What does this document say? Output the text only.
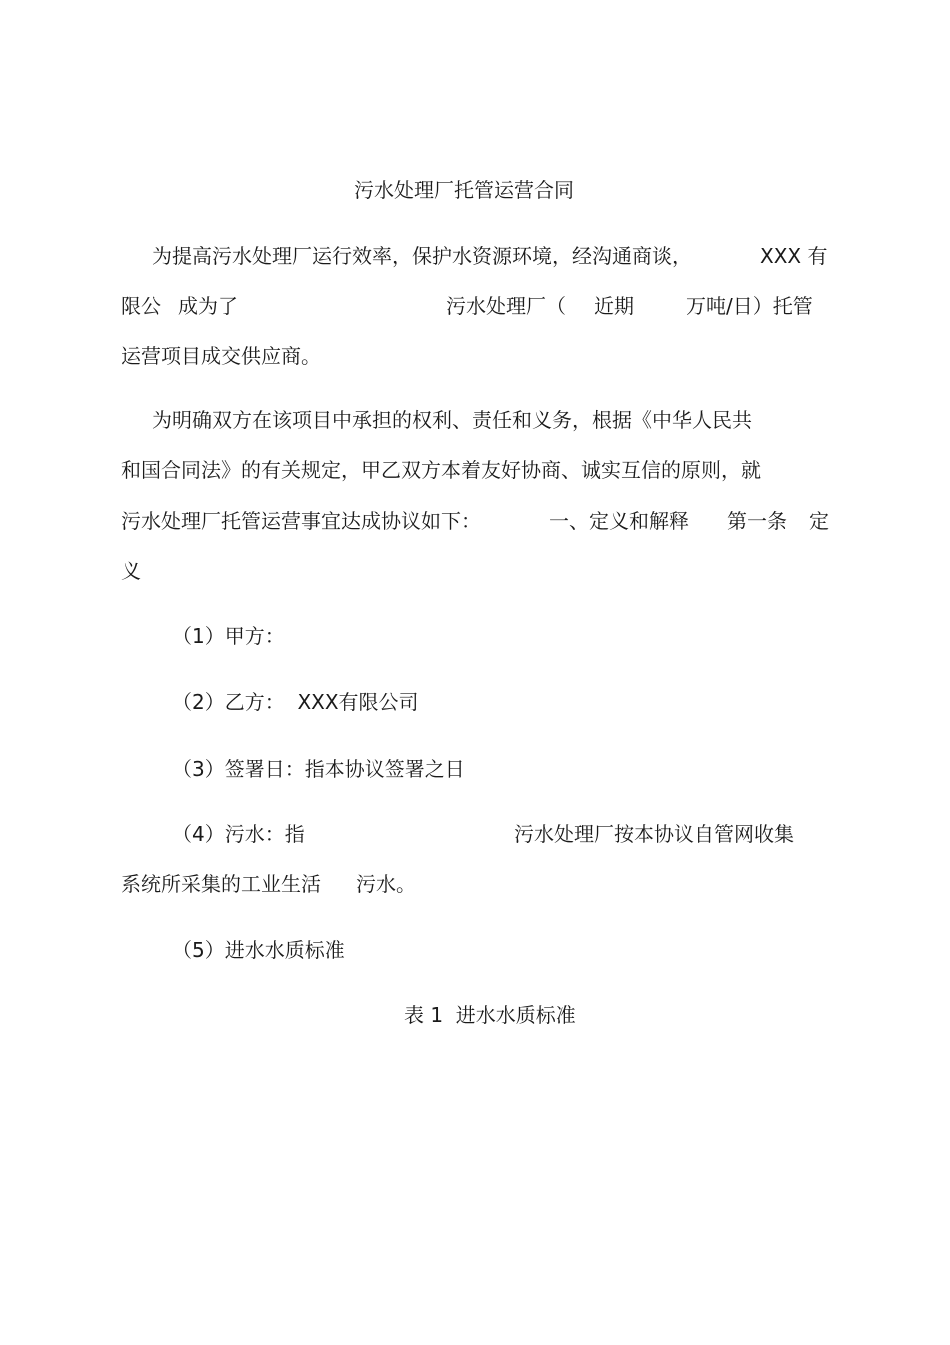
污水处理厂托管运营合同
为提高污水处理厂运行效率，保护水资源环境，经沟通商谈，	XXX 有
限公 成为了	污水处理厂（ 近期	万吨/日）托管
运营项目成交供应商。
为明确双方在该项目中承担的权利、责任和义务，根据《中华人民共
和国合同法》的有关规定，甲乙双方本着友好协商、诚实互信的原则，就
污水处理厂托管运营事宜达成协议如下：	一、定义和解释 第一条 定
义
（1）甲方：
（2）乙方：  XXX有限公司
（3）签署日：指本协议签署之日
（4）污水：指	污水处理厂按本协议自管网收集
系统所采集的工业生活 污水。
（5）进水水质标准
表 1  进水水质标准
